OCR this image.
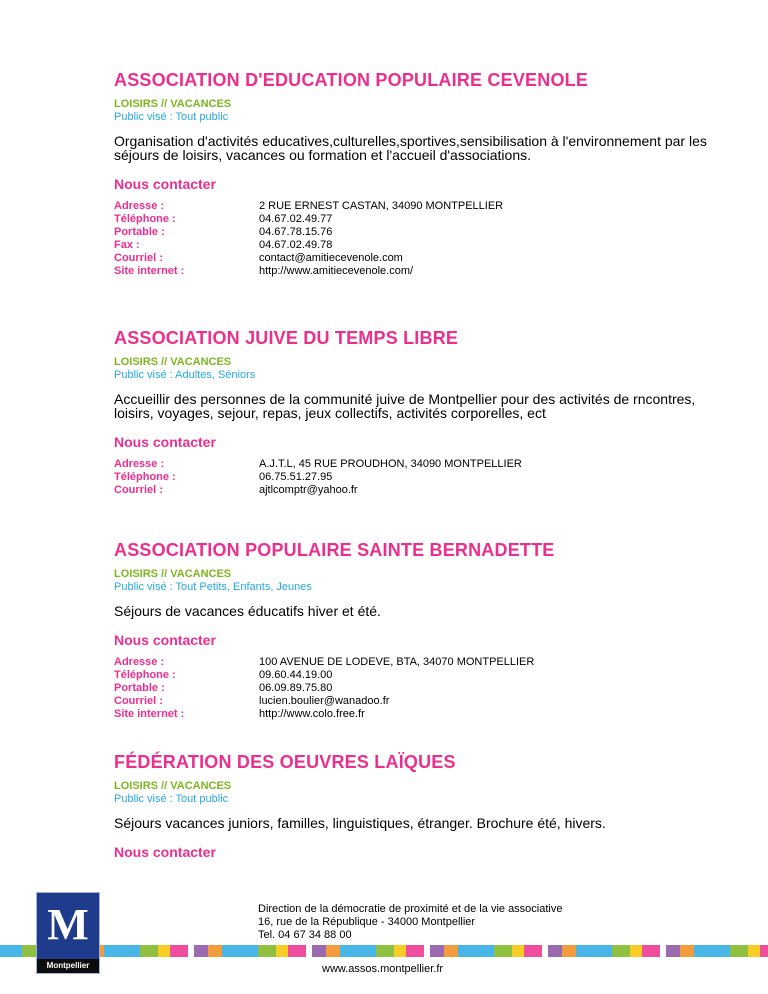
ASSOCIATION D'EDUCATION POPULAIRE CEVENOLE
LOISIRS // VACANCES
Public visé : Tout public
Organisation d'activités educatives,culturelles,sportives,sensibilisation à l'environnement par les séjours de loisirs, vacances ou formation et l'accueil d'associations.
Nous contacter
Adresse :	2 RUE ERNEST CASTAN, 34090 MONTPELLIER
Téléphone :	04.67.02.49.77
Portable :	04.67.78.15.76
Fax :	04.67.02.49.78
Courriel :	contact@amitiecevenole.com
Site internet :	http://www.amitiecevenole.com/
ASSOCIATION JUIVE DU TEMPS LIBRE
LOISIRS // VACANCES
Public visé : Adultes, Séniors
Accueillir des personnes de la communité juive de Montpellier pour des activités de rncontres, loisirs, voyages, sejour, repas, jeux collectifs, activités corporelles, ect
Nous contacter
Adresse :	A.J.T.L, 45 RUE PROUDHON, 34090 MONTPELLIER
Téléphone :	06.75.51.27.95
Courriel :	ajtlcomptr@yahoo.fr
ASSOCIATION POPULAIRE SAINTE BERNADETTE
LOISIRS // VACANCES
Public visé : Tout Petits, Enfants, Jeunes
Séjours de vacances éducatifs hiver et été.
Nous contacter
Adresse :	100 AVENUE DE LODEVE, BTA, 34070 MONTPELLIER
Téléphone :	09.60.44.19.00
Portable :	06.09.89.75.80
Courriel :	lucien.boulier@wanadoo.fr
Site internet :	http://www.colo.free.fr
FÉDÉRATION DES OEUVRES LAÏQUES
LOISIRS // VACANCES
Public visé : Tout public
Séjours vacances juniors, familles, linguistiques, étranger. Brochure été, hivers.
Nous contacter
M
Montpellier
Direction de la démocratie de proximité et de la vie associative
16, rue de la République - 34000 Montpellier
Tel. 04 67 34 88 00
www.assos.montpellier.fr
